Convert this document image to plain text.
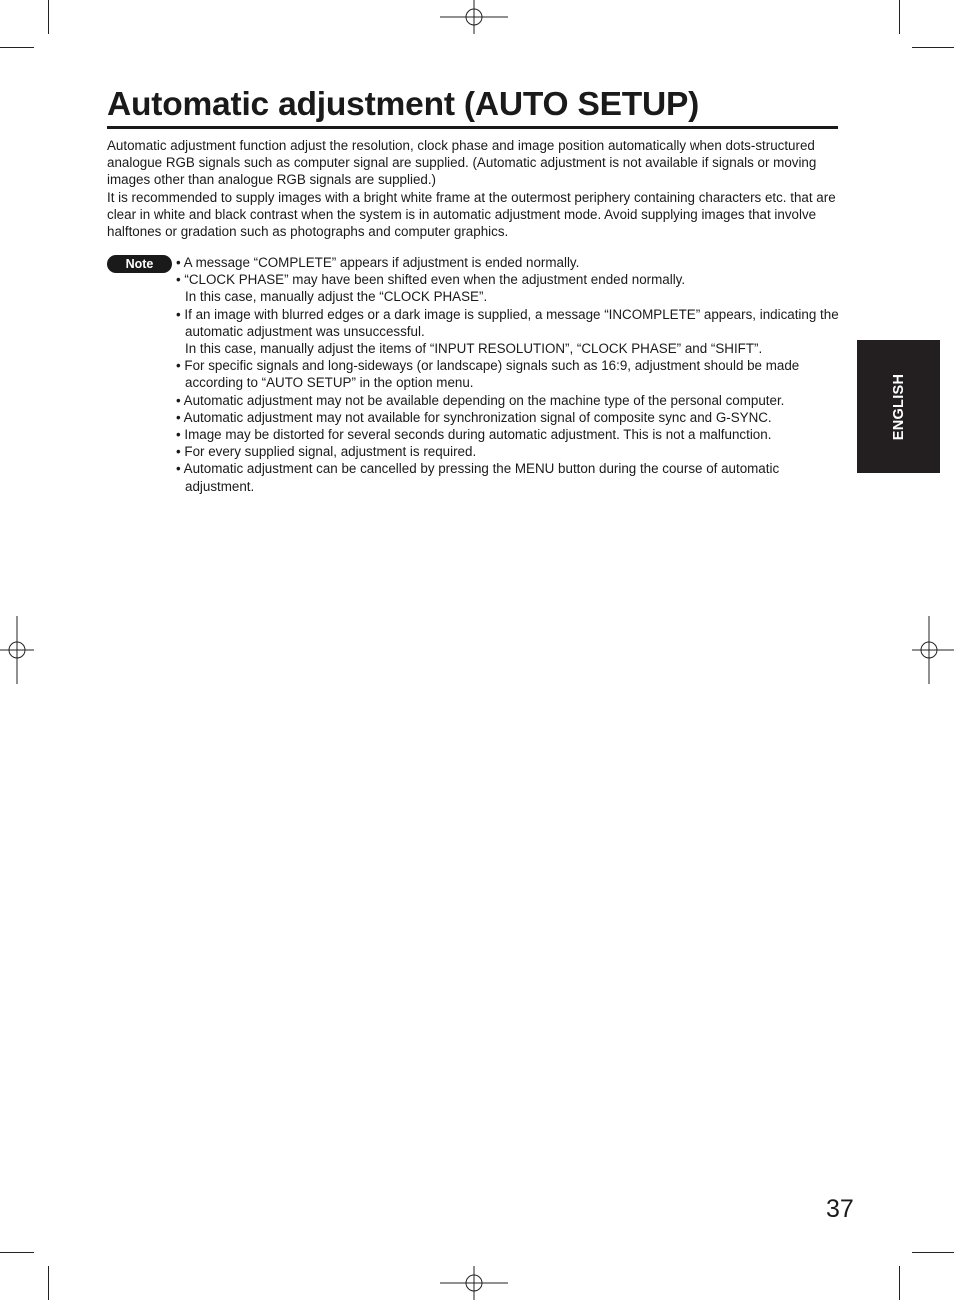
Automatic adjustment (AUTO SETUP)

Automatic adjustment function adjust the resolution, clock phase and image position automatically when dots-structured analogue RGB signals such as computer signal are supplied. (Automatic adjustment is not available if signals or moving images other than analogue RGB signals are supplied.)

It is recommended to supply images with a bright white frame at the outermost periphery containing characters etc. that are clear in white and black contrast when the system is in automatic adjustment mode. Avoid supplying images that involve halftones or gradation such as photographs and computer graphics.

Note	• A message “COMPLETE” appears if adjustment is ended normally.
• “CLOCK PHASE” may have been shifted even when the adjustment ended normally.
In this case, manually adjust the “CLOCK PHASE”.
• If an image with blurred edges or a dark image is supplied, a message “INCOMPLETE” appears, indicating the automatic adjustment was unsuccessful.
In this case, manually adjust the items of “INPUT RESOLUTION”, “CLOCK PHASE” and “SHIFT”.
• For specific signals and long-sideways (or landscape) signals such as 16:9, adjustment should be made according to “AUTO SETUP” in the option menu.
• Automatic adjustment may not be available depending on the machine type of the personal computer.
• Automatic adjustment may not available for synchronization signal of composite sync and G-SYNC.
• Image may be distorted for several seconds during automatic adjustment. This is not a malfunction.
• For every supplied signal, adjustment is required.
• Automatic adjustment can be cancelled by pressing the MENU button during the course of automatic adjustment.
ENGLISH
37
